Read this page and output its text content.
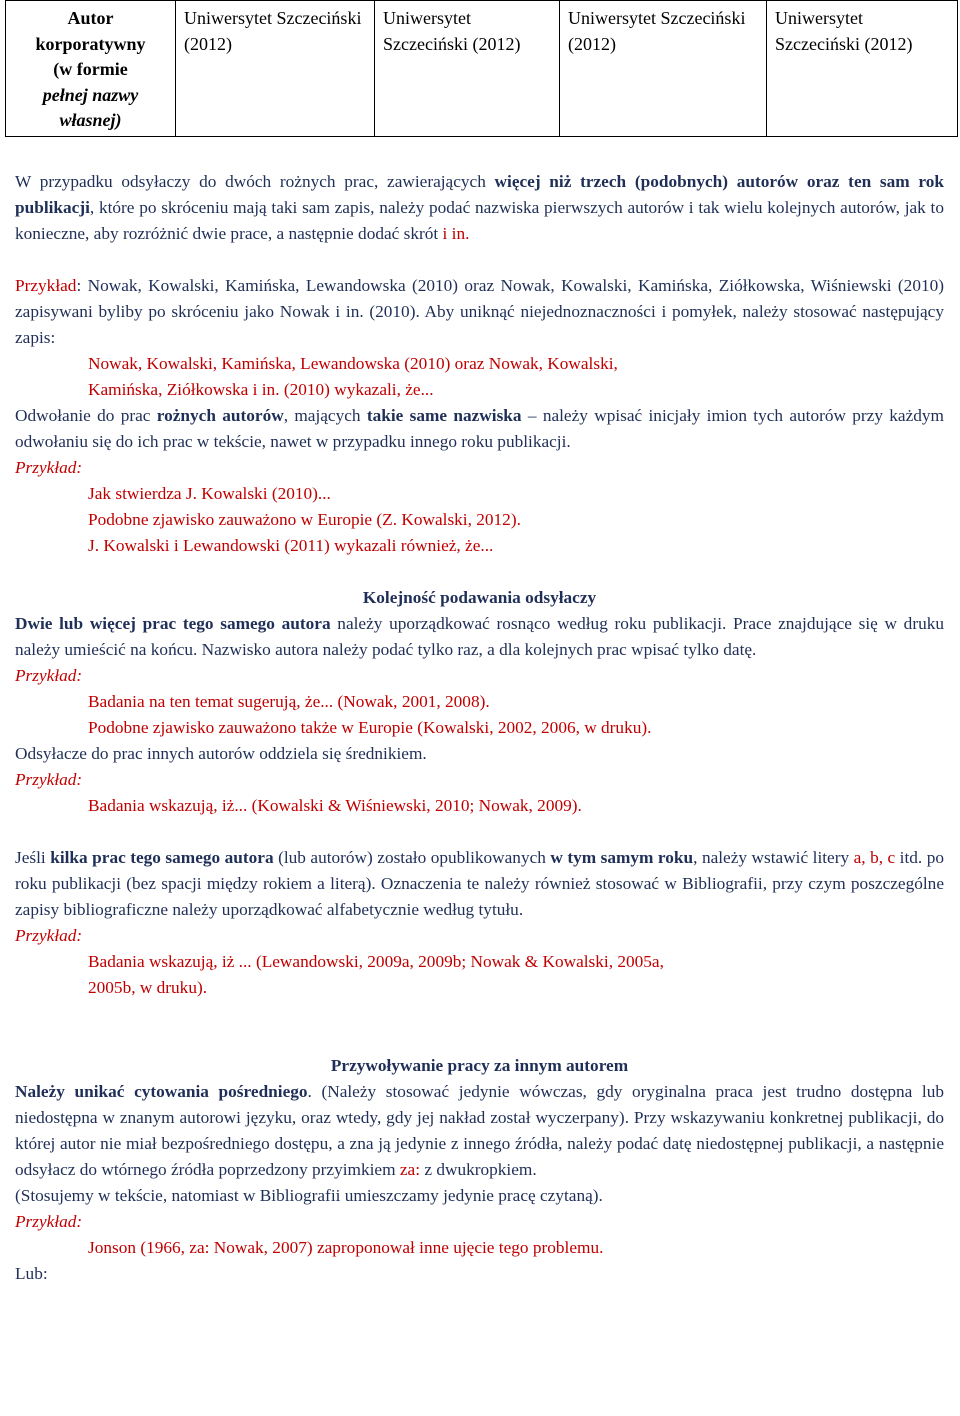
Autor
korporatywny
(w formie
pełnej nazwy
własnej)	Uniwersytet Szczeciński (2012)	Uniwersytet Szczeciński (2012)	Uniwersytet Szczeciński (2012)	Uniwersytet Szczeciński (2012)

W przypadku odsyłaczy do dwóch rożnych prac, zawierających więcej niż trzech (podobnych) autorów oraz ten sam rok publikacji, które po skróceniu mają taki sam zapis, należy podać nazwiska pierwszych autorów i tak wielu kolejnych autorów, jak to konieczne, aby rozróżnić dwie prace, a następnie dodać skrót i in.

Przykład: Nowak, Kowalski, Kamińska, Lewandowska (2010) oraz Nowak, Kowalski, Kamińska, Ziółkowska, Wiśniewski (2010) zapisywani byliby po skróceniu jako Nowak i in. (2010). Aby uniknąć niejednoznaczności i pomyłek, należy stosować następujący zapis:

Nowak, Kowalski, Kamińska, Lewandowska (2010) oraz Nowak, Kowalski,

Kamińska, Ziółkowska i in. (2010) wykazali, że...

Odwołanie do prac rożnych autorów, mających takie same nazwiska – należy wpisać inicjały imion tych autorów przy każdym odwołaniu się do ich prac w tekście, nawet w przypadku innego roku publikacji.

Przykład:

Jak stwierdza J. Kowalski (2010)...

Podobne zjawisko zauważono w Europie (Z. Kowalski, 2012).

J. Kowalski i Lewandowski (2011) wykazali również, że...

Kolejność podawania odsyłaczy

Dwie lub więcej prac tego samego autora należy uporządkować rosnąco według roku publikacji. Prace znajdujące się w druku należy umieścić na końcu. Nazwisko autora należy podać tylko raz, a dla kolejnych prac wpisać tylko datę.

Przykład:

Badania na ten temat sugerują, że... (Nowak, 2001, 2008).

Podobne zjawisko zauważono także w Europie (Kowalski, 2002, 2006, w druku).

Odsyłacze do prac innych autorów oddziela się średnikiem.

Przykład:

Badania wskazują, iż... (Kowalski & Wiśniewski, 2010; Nowak, 2009).

Jeśli kilka prac tego samego autora (lub autorów) zostało opublikowanych w tym samym roku, należy wstawić litery a, b, c itd. po roku publikacji (bez spacji między rokiem a literą). Oznaczenia te należy również stosować w Bibliografii, przy czym poszczególne zapisy bibliograficzne należy uporządkować alfabetycznie według tytułu.

Przykład:

Badania wskazują, iż ... (Lewandowski, 2009a, 2009b; Nowak & Kowalski, 2005a,

2005b, w druku).

Przywoływanie pracy za innym autorem

Należy unikać cytowania pośredniego. (Należy stosować jedynie wówczas, gdy oryginalna praca jest trudno dostępna lub niedostępna w znanym autorowi języku, oraz wtedy, gdy jej nakład został wyczerpany). Przy wskazywaniu konkretnej publikacji, do której autor nie miał bezpośredniego dostępu, a zna ją jedynie z innego źródła, należy podać datę niedostępnej publikacji, a następnie odsyłacz do wtórnego źródła poprzedzony przyimkiem za: z dwukropkiem.

(Stosujemy w tekście, natomiast w Bibliografii umieszczamy jedynie pracę czytaną).

Przykład:

Jonson (1966, za: Nowak, 2007) zaproponował inne ujęcie tego problemu.

Lub:
